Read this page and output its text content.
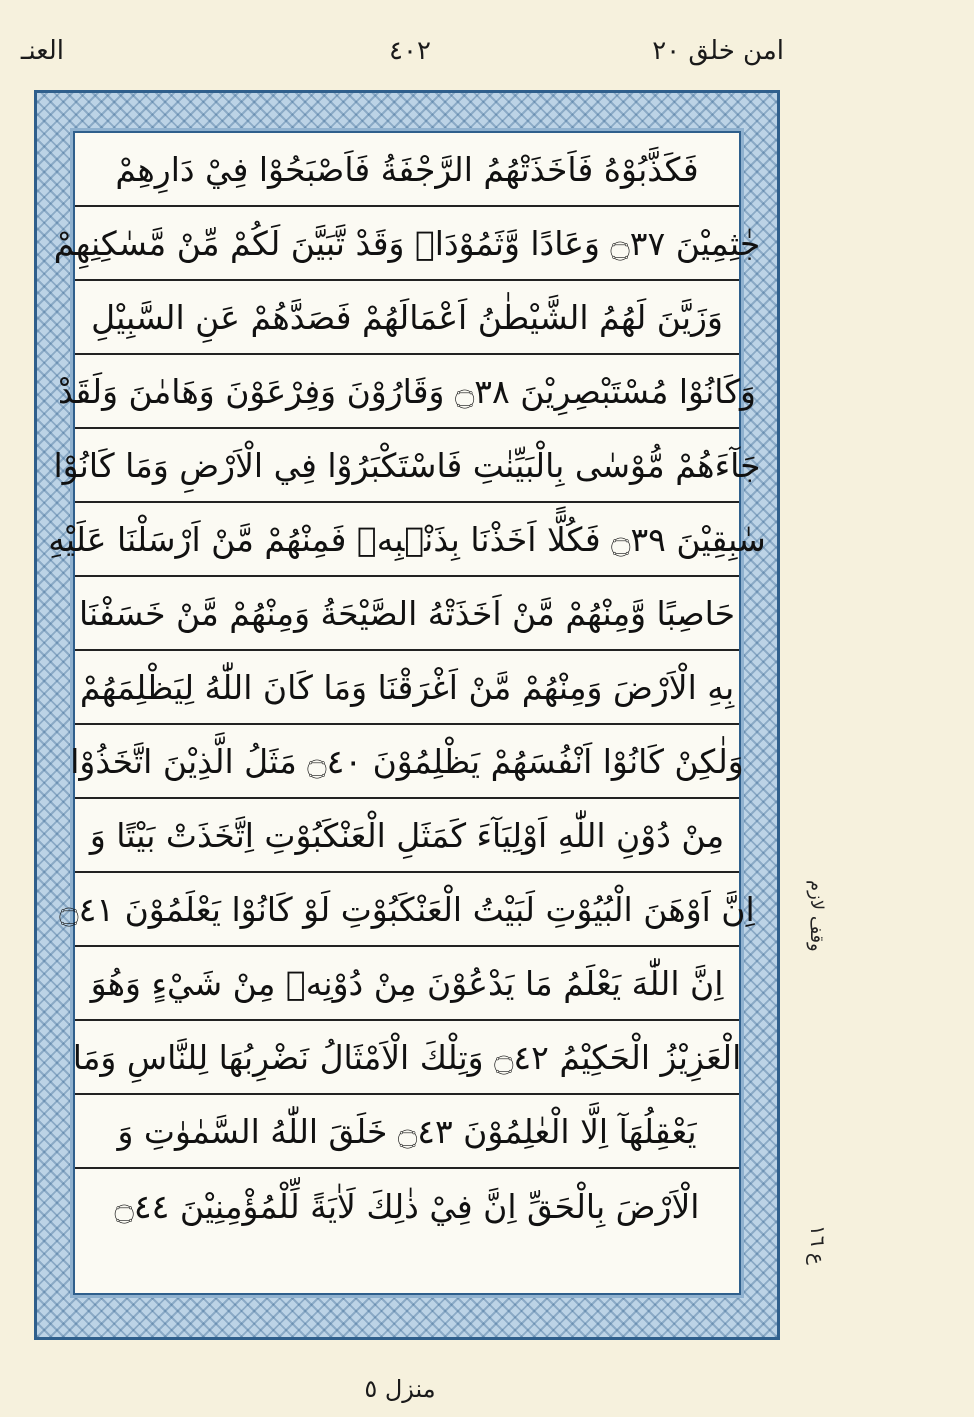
امن خلق ٢٠
٤٠٢
العنـ
فَكَذَّبُوْهُ فَاَخَذَتْهُمُ الرَّجْفَةُ فَاَصْبَحُوْا فِيْ دَارِهِمْ
جٰثِمِيْنَ ۝٣٧ وَعَادًا وَّثَمُوْدَا۠ وَقَدْ تَّبَيَّنَ لَكُمْ مِّنْ مَّسٰكِنِهِمْ
وَزَيَّنَ لَهُمُ الشَّيْطٰنُ اَعْمَالَهُمْ فَصَدَّهُمْ عَنِ السَّبِيْلِ
وَكَانُوْا مُسْتَبْصِرِيْنَ ۝٣٨ وَقَارُوْنَ وَفِرْعَوْنَ وَهَامٰنَ وَلَقَدْ
جَآءَهُمْ مُّوْسٰى بِالْبَيِّنٰتِ فَاسْتَكْبَرُوْا فِي الْاَرْضِ وَمَا كَانُوْا
سٰبِقِيْنَ ۝٣٩ فَكُلًّا اَخَذْنَا بِذَنْۢبِهٖ فَمِنْهُمْ مَّنْ اَرْسَلْنَا عَلَيْهِ
حَاصِبًا وَّمِنْهُمْ مَّنْ اَخَذَتْهُ الصَّيْحَةُ وَمِنْهُمْ مَّنْ خَسَفْنَا
بِهِ الْاَرْضَ وَمِنْهُمْ مَّنْ اَغْرَقْنَا وَمَا كَانَ اللّٰهُ لِيَظْلِمَهُمْ
وَلٰكِنْ كَانُوْا اَنْفُسَهُمْ يَظْلِمُوْنَ ۝٤٠ مَثَلُ الَّذِيْنَ اتَّخَذُوْا
مِنْ دُوْنِ اللّٰهِ اَوْلِيَآءَ كَمَثَلِ الْعَنْكَبُوْتِ اِتَّخَذَتْ بَيْتًا وَ
اِنَّ اَوْهَنَ الْبُيُوْتِ لَبَيْتُ الْعَنْكَبُوْتِ لَوْ كَانُوْا يَعْلَمُوْنَ ۝٤١
اِنَّ اللّٰهَ يَعْلَمُ مَا يَدْعُوْنَ مِنْ دُوْنِهٖ مِنْ شَيْءٍ وَهُوَ
الْعَزِيْزُ الْحَكِيْمُ ۝٤٢ وَتِلْكَ الْاَمْثَالُ نَضْرِبُهَا لِلنَّاسِ وَمَا
يَعْقِلُهَآ اِلَّا الْعٰلِمُوْنَ ۝٤٣ خَلَقَ اللّٰهُ السَّمٰوٰتِ وَ
الْاَرْضَ بِالْحَقِّ اِنَّ فِيْ ذٰلِكَ لَاٰيَةً لِّلْمُؤْمِنِيْنَ ۝٤٤
وقف لازم
ع ١٦
منزل ٥
